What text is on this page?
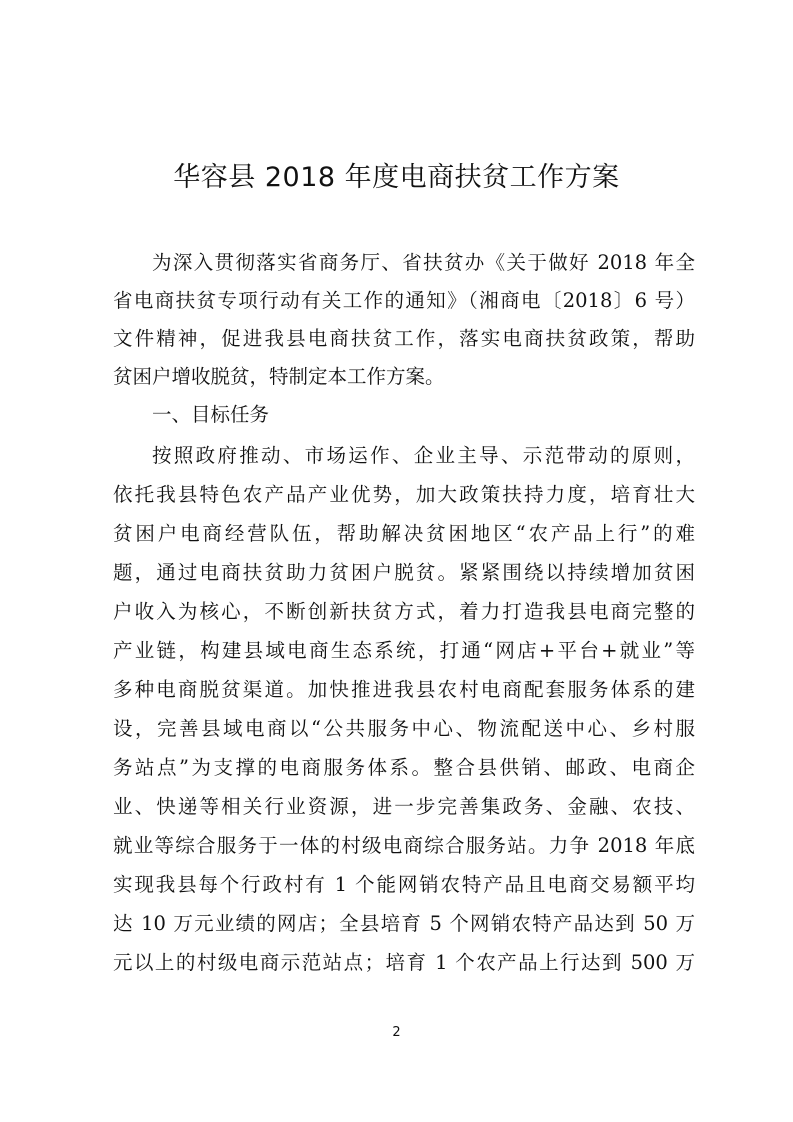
华容县 2018 年度电商扶贫工作方案

为深入贯彻落实省商务厅、省扶贫办《关于做好 2018 年全

省电商扶贫专项行动有关工作的通知》（湘商电〔2018〕6 号）

文件精神，促进我县电商扶贫工作，落实电商扶贫政策，帮助

贫困户增收脱贫，特制定本工作方案。

一、目标任务

按照政府推动、市场运作、企业主导、示范带动的原则，

依托我县特色农产品产业优势，加大政策扶持力度，培育壮大

贫困户电商经营队伍，帮助解决贫困地区“农产品上行”的难

题，通过电商扶贫助力贫困户脱贫。紧紧围绕以持续增加贫困

户收入为核心，不断创新扶贫方式，着力打造我县电商完整的

产业链，构建县域电商生态系统，打通“网店+平台+就业”等

多种电商脱贫渠道。加快推进我县农村电商配套服务体系的建

设，完善县域电商以“公共服务中心、物流配送中心、乡村服

务站点”为支撑的电商服务体系。整合县供销、邮政、电商企

业、快递等相关行业资源，进一步完善集政务、金融、农技、

就业等综合服务于一体的村级电商综合服务站。力争 2018 年底

实现我县每个行政村有 1 个能网销农特产品且电商交易额平均

达 10 万元业绩的网店；全县培育 5 个网销农特产品达到 50 万

元以上的村级电商示范站点；培育 1 个农产品上行达到 500 万

2
